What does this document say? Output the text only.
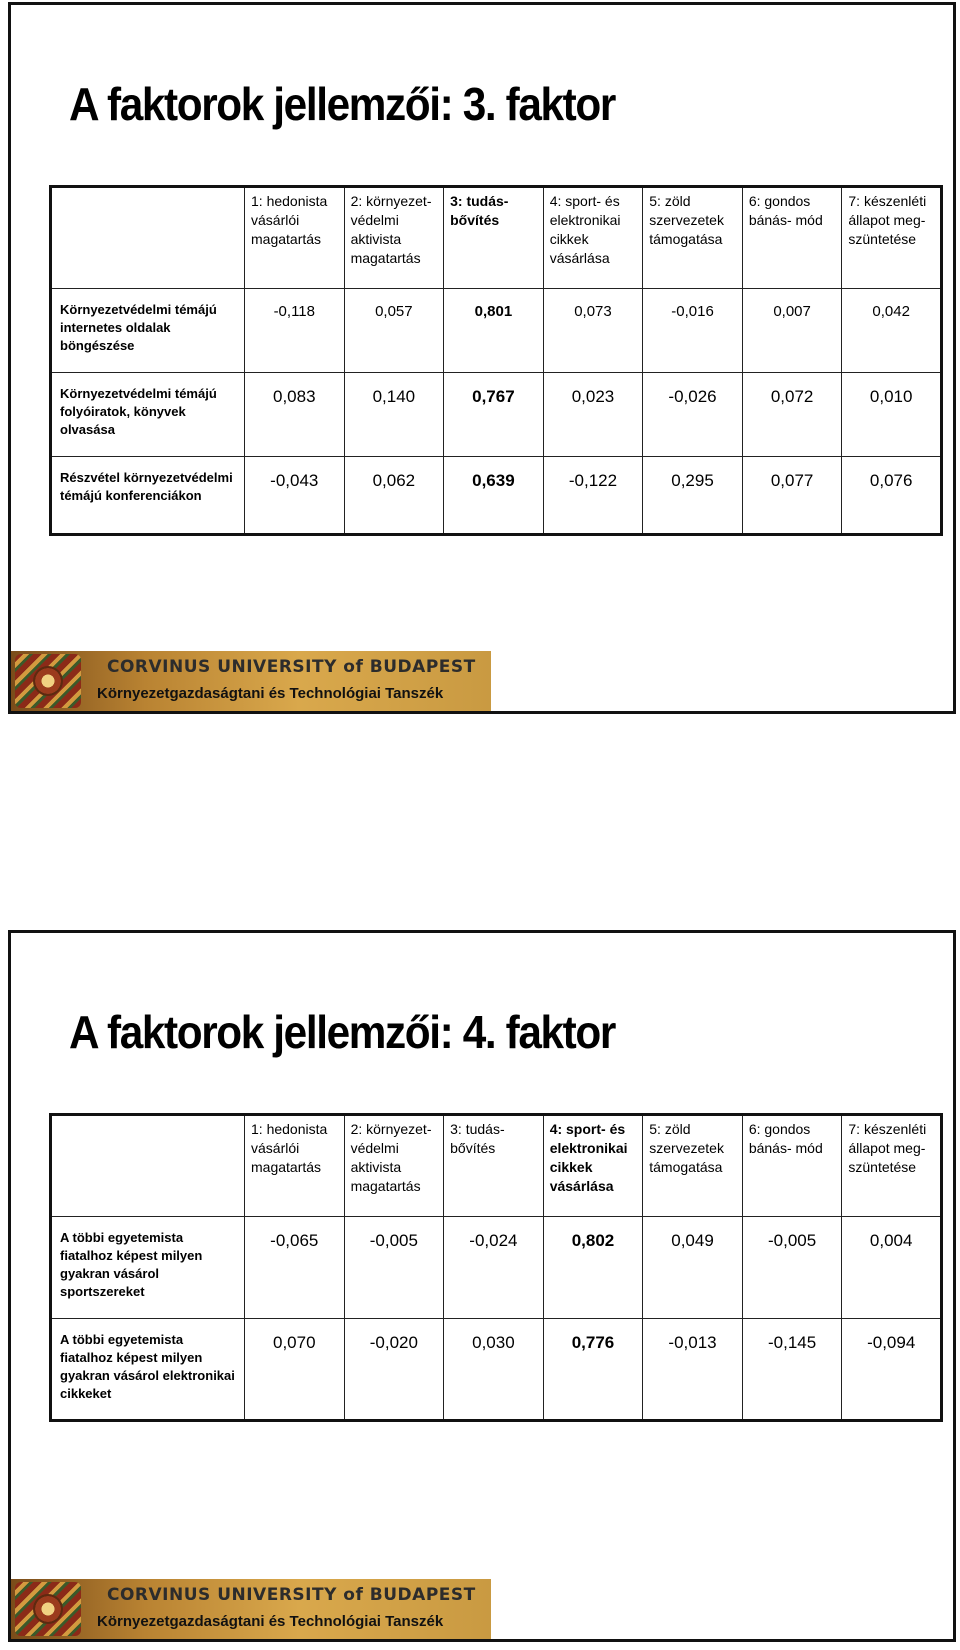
A faktorok jellemzői: 3. faktor
	1: hedonista vásárlói magatartás	2: környezet- védelmi aktivista magatartás	3: tudás- bővítés	4: sport- és elektronikai cikkek vásárlása	5: zöld szervezetek támogatása	6: gondos bánás- mód	7: készenléti állapot meg- szüntetése
Környezetvédelmi témájú internetes oldalak böngészése	-0,118	0,057	0,801	0,073	-0,016	0,007	0,042
Környezetvédelmi témájú folyóiratok, könyvek olvasása	0,083	0,140	0,767	0,023	-0,026	0,072	0,010
Részvétel környezetvédelmi témájú konferenciákon	-0,043	0,062	0,639	-0,122	0,295	0,077	0,076
CORVINUS UNIVERSITY of BUDAPEST
Környezetgazdaságtani és Technológiai Tanszék
A faktorok jellemzői: 4. faktor
	1: hedonista vásárlói magatartás	2: környezet- védelmi aktivista magatartás	3: tudás- bővítés	4: sport- és elektronikai cikkek vásárlása	5: zöld szervezetek támogatása	6: gondos bánás- mód	7: készenléti állapot meg- szüntetése
A többi egyetemista fiatalhoz képest milyen gyakran vásárol sportszereket	-0,065	-0,005	-0,024	0,802	0,049	-0,005	0,004
A többi egyetemista fiatalhoz képest milyen gyakran vásárol elektronikai cikkeket	0,070	-0,020	0,030	0,776	-0,013	-0,145	-0,094
CORVINUS UNIVERSITY of BUDAPEST
Környezetgazdaságtani és Technológiai Tanszék
